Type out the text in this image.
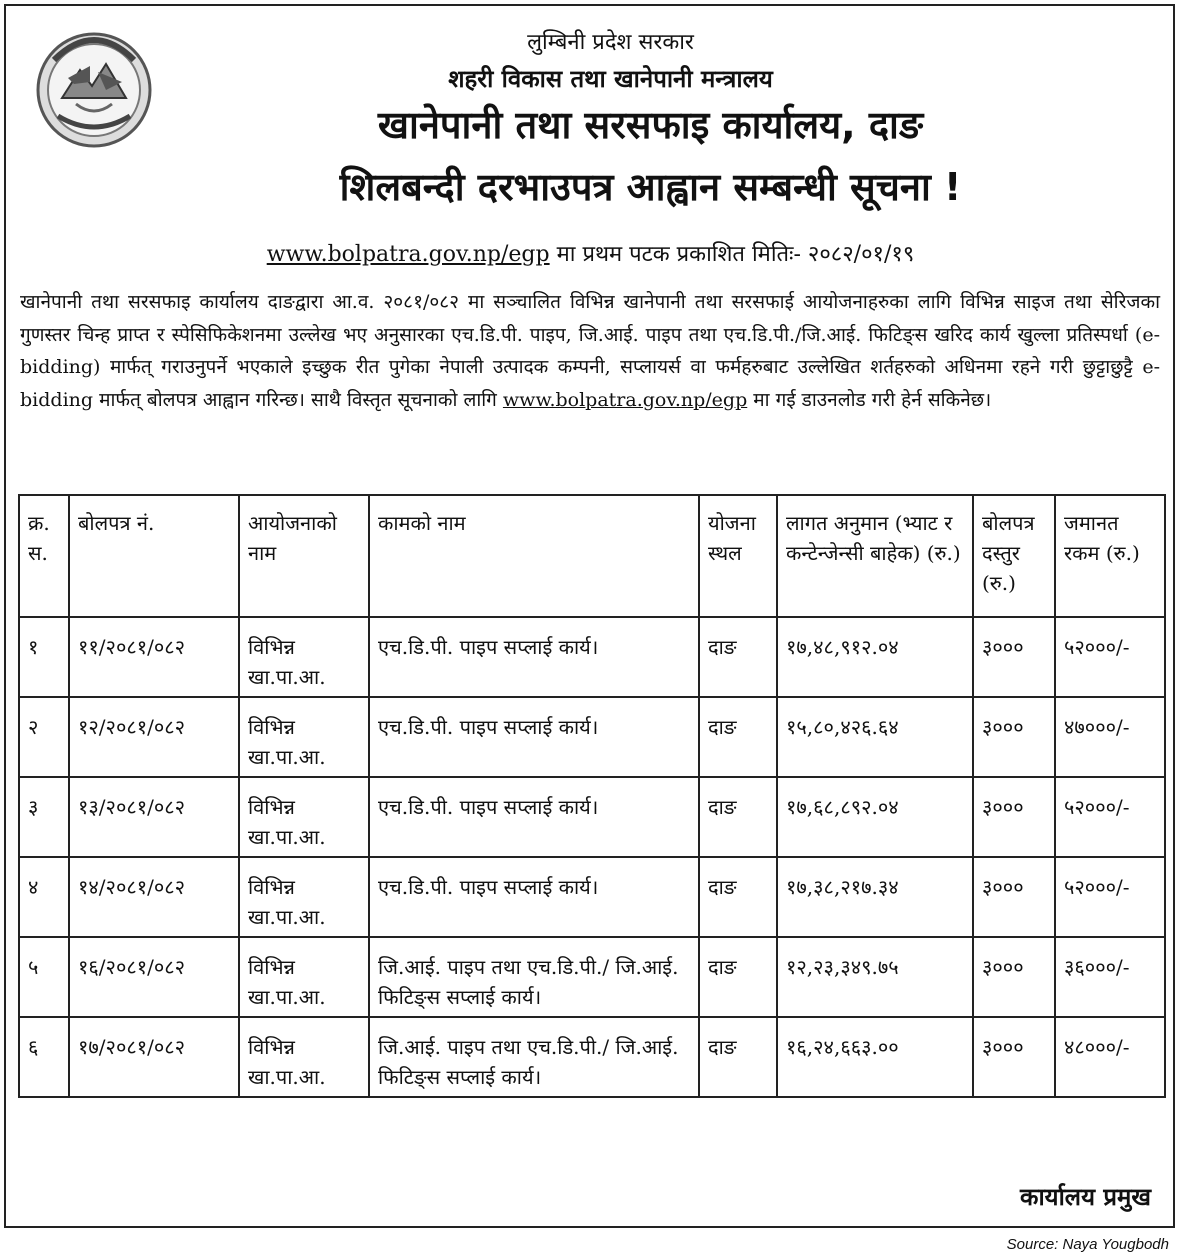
लुम्बिनी प्रदेश सरकार
शहरी विकास तथा खानेपानी मन्त्रालय
खानेपानी तथा सरसफाइ कार्यालय, दाङ
शिलबन्दी दरभाउपत्र आह्वान सम्बन्धी सूचना !
www.bolpatra.gov.np/egp मा प्रथम पटक प्रकाशित मितिः- २०८२/०१/१९
खानेपानी तथा सरसफाइ कार्यालय दाङद्वारा आ.व. २०८१/०८२ मा सञ्चालित विभिन्न खानेपानी तथा सरसफाई आयोजनाहरुका लागि विभिन्न साइज तथा सेरिजका गुणस्तर चिन्ह प्राप्त र स्पेसिफिकेशनमा उल्लेख भए अनुसारका एच.डि.पी. पाइप, जि.आई. पाइप तथा एच.डि.पी./जि.आई. फिटिङ्स खरिद कार्य खुल्ला प्रतिस्पर्धा (e-bidding) मार्फत् गराउनुपर्ने भएकाले इच्छुक रीत पुगेका नेपाली उत्पादक कम्पनी, सप्लायर्स वा फर्महरुबाट उल्लेखित शर्तहरुको अधिनमा रहने गरी छुट्टाछुट्टै e-bidding मार्फत् बोलपत्र आह्वान गरिन्छ। साथै विस्तृत सूचनाको लागि www.bolpatra.gov.np/egp मा गई डाउनलोड गरी हेर्न सकिनेछ।
क्र. स.	बोलपत्र नं.	आयोजनाको नाम	कामको नाम	योजना स्थल	लागत अनुमान (भ्याट र कन्टेन्जेन्सी बाहेक) (रु.)	बोलपत्र दस्तुर (रु.)	जमानत रकम (रु.)
१	११/२०८१/०८२	विभिन्न खा.पा.आ.	एच.डि.पी. पाइप सप्लाई कार्य।	दाङ	१७,४८,९१२.०४	३०००	५२०००/-
२	१२/२०८१/०८२	विभिन्न खा.पा.आ.	एच.डि.पी. पाइप सप्लाई कार्य।	दाङ	१५,८०,४२६.६४	३०००	४७०००/-
३	१३/२०८१/०८२	विभिन्न खा.पा.आ.	एच.डि.पी. पाइप सप्लाई कार्य।	दाङ	१७,६८,८९२.०४	३०००	५२०००/-
४	१४/२०८१/०८२	विभिन्न खा.पा.आ.	एच.डि.पी. पाइप सप्लाई कार्य।	दाङ	१७,३८,२१७.३४	३०००	५२०००/-
५	१६/२०८१/०८२	विभिन्न खा.पा.आ.	जि.आई. पाइप तथा एच.डि.पी./ जि.आई. फिटिङ्स सप्लाई कार्य।	दाङ	१२,२३,३४९.७५	३०००	३६०००/-
६	१७/२०८१/०८२	विभिन्न खा.पा.आ.	जि.आई. पाइप तथा एच.डि.पी./ जि.आई. फिटिङ्स सप्लाई कार्य।	दाङ	१६,२४,६६३.००	३०००	४८०००/-
कार्यालय प्रमुख
Source: Naya Yougbodh
